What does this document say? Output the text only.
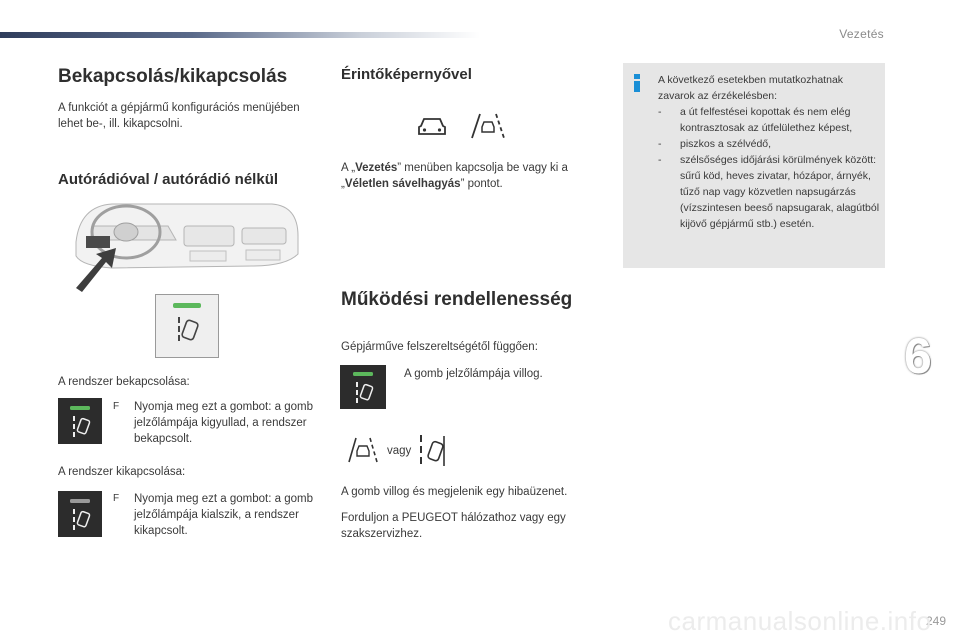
Vezetés
6
249
carmanualsonline.info
Bekapcsolás/kikapcsolás

A funkciót a gépjármű konfigurációs menüjében lehet be-, ill. kikapcsolni.

Autórádióval / autórádió nélkül

A rendszer bekapcsolása:

F Nyomja meg ezt a gombot: a gomb jelzőlámpája kigyullad, a rendszer bekapcsolt.

A rendszer kikapcsolása:

F Nyomja meg ezt a gombot: a gomb jelzőlámpája kialszik, a rendszer kikapcsolt.
Érintőképernyővel

A „Vezetés” menüben kapcsolja be vagy ki a „Véletlen sávelhagyás” pontot.

Működési rendellenesség

Gépjárműve felszereltségétől függően:

A gomb jelzőlámpája villog.

vagy

A gomb villog és megjelenik egy hibaüzenet.

Forduljon a PEUGEOT hálózathoz vagy egy szakszervizhez.

A következő esetekben mutatkozhatnak zavarok az érzékelésben:
- a út felfestései kopottak és nem elég kontrasztosak az útfelülethez képest,
- piszkos a szélvédő,
- szélsőséges időjárási körülmények között: sűrű köd, heves zivatar, hózápor, árnyék, tűző nap vagy közvetlen napsugárzás (vízszintesen beeső napsugarak, alagútból kijövő gépjármű stb.) esetén.
